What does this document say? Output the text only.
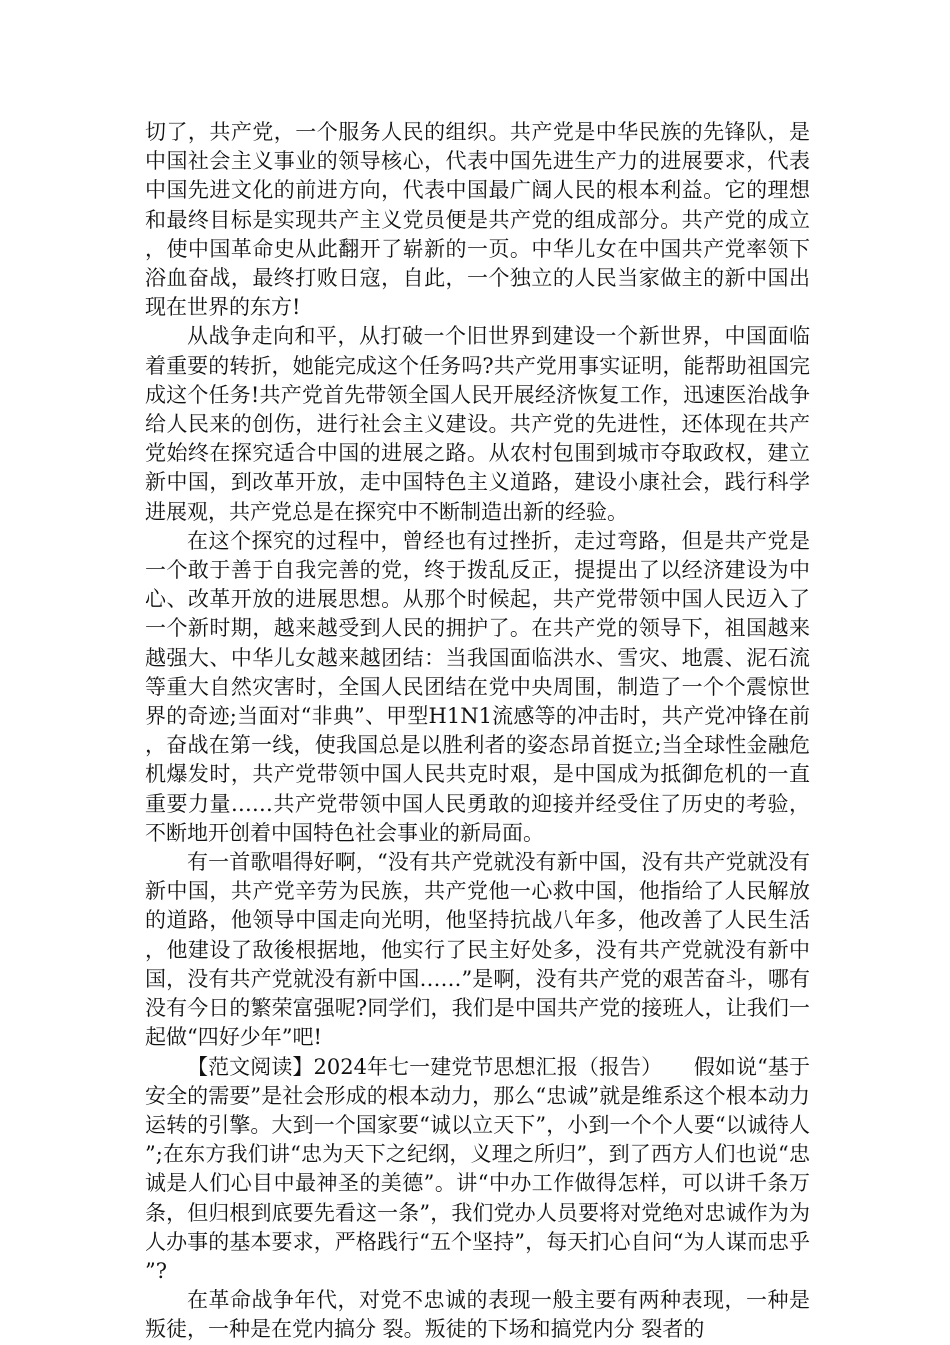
切了，共产党，一个服务人民的组织。共产党是中华民族的先锋队，是中国社会主义事业的领导核心，代表中国先进生产力的进展要求，代表中国先进文化的前进方向，代表中国最广阔人民的根本利益。它的理想和最终目标是实现共产主义党员便是共产党的组成部分。共产党的成立，使中国革命史从此翻开了崭新的一页。中华儿女在中国共产党率领下浴血奋战，最终打败日寇，自此，一个独立的人民当家做主的新中国出现在世界的东方!

从战争走向和平，从打破一个旧世界到建设一个新世界，中国面临着重要的转折，她能完成这个任务吗?共产党用事实证明，能帮助祖国完成这个任务!共产党首先带领全国人民开展经济恢复工作，迅速医治战争给人民来的创伤，进行社会主义建设。共产党的先进性，还体现在共产党始终在探究适合中国的进展之路。从农村包围到城市夺取政权，建立新中国，到改革开放，走中国特色主义道路，建设小康社会，践行科学进展观，共产党总是在探究中不断制造出新的经验。

在这个探究的过程中，曾经也有过挫折，走过弯路，但是共产党是一个敢于善于自我完善的党，终于拨乱反正，提提出了以经济建设为中心、改革开放的进展思想。从那个时候起，共产党带领中国人民迈入了一个新时期，越来越受到人民的拥护了。在共产党的领导下，祖国越来越强大、中华儿女越来越团结：当我国面临洪水、雪灾、地震、泥石流等重大自然灾害时，全国人民团结在党中央周围，制造了一个个震惊世界的奇迹;当面对“非典”、甲型H1N1流感等的冲击时，共产党冲锋在前，奋战在第一线，使我国总是以胜利者的姿态昂首挺立;当全球性金融危机爆发时，共产党带领中国人民共克时艰，是中国成为抵御危机的一直重要力量……共产党带领中国人民勇敢的迎接并经受住了历史的考验，不断地开创着中国特色社会事业的新局面。

有一首歌唱得好啊，“没有共产党就没有新中国，没有共产党就没有新中国，共产党辛劳为民族，共产党他一心救中国，他指给了人民解放的道路，他领导中国走向光明，他坚持抗战八年多，他改善了人民生活，他建设了敌後根据地，他实行了民主好处多，没有共产党就没有新中国，没有共产党就没有新中国……”是啊，没有共产党的艰苦奋斗，哪有没有今日的繁荣富强呢?同学们，我们是中国共产党的接班人，让我们一起做“四好少年”吧!

【范文阅读】2024年七一建党节思想汇报（报告）　　假如说“基于安全的需要”是社会形成的根本动力，那么“忠诚”就是维系这个根本动力运转的引擎。大到一个国家要“诚以立天下”，小到一个个人要“以诚待人”;在东方我们讲“忠为天下之纪纲，义理之所归”，到了西方人们也说“忠诚是人们心目中最神圣的美德”。讲“中办工作做得怎样，可以讲千条万条，但归根到底要先看这一条”，我们党办人员要将对党绝对忠诚作为为人办事的基本要求，严格践行“五个坚持”，每天扪心自问“为人谋而忠乎”?

在革命战争年代，对党不忠诚的表现一般主要有两种表现，一种是叛徒，一种是在党内搞分 裂。叛徒的下场和搞党内分 裂者的
